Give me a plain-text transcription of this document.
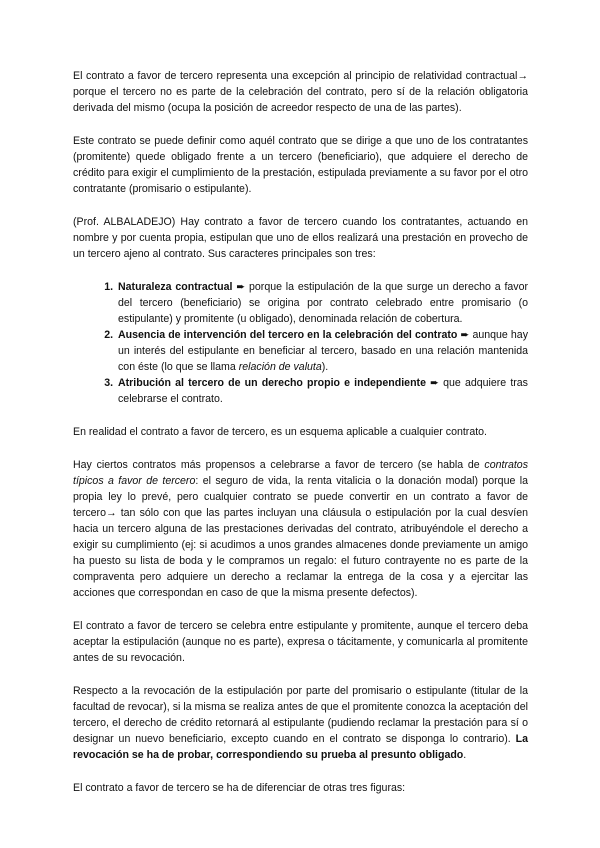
El contrato a favor de tercero representa una excepción al principio de relatividad contractual→ porque el tercero no es parte de la celebración del contrato, pero sí de la relación obligatoria derivada del mismo (ocupa la posición de acreedor respecto de una de las partes).

Este contrato se puede definir como aquél contrato que se dirige a que uno de los contratantes (promitente) quede obligado frente a un tercero (beneficiario), que adquiere el derecho de crédito para exigir el cumplimiento de la prestación, estipulada previamente a su favor por el otro contratante (promisario o estipulante).

(Prof. ALBALADEJO) Hay contrato a favor de tercero cuando los contratantes, actuando en nombre y por cuenta propia, estipulan que uno de ellos realizará una prestación en provecho de un tercero ajeno al contrato. Sus caracteres principales son tres:

1. Naturaleza contractual ➨ porque la estipulación de la que surge un derecho a favor del tercero (beneficiario) se origina por contrato celebrado entre promisario (o estipulante) y promitente (u obligado), denominada relación de cobertura.
2. Ausencia de intervención del tercero en la celebración del contrato ➨ aunque hay un interés del estipulante en beneficiar al tercero, basado en una relación mantenida con éste (lo que se llama relación de valuta).
3. Atribución al tercero de un derecho propio e independiente ➨ que adquiere tras celebrarse el contrato.

En realidad el contrato a favor de tercero, es un esquema aplicable a cualquier contrato.

Hay ciertos contratos más propensos a celebrarse a favor de tercero (se habla de contratos típicos a favor de tercero: el seguro de vida, la renta vitalicia o la donación modal) porque la propia ley lo prevé, pero cualquier contrato se puede convertir en un contrato a favor de tercero→ tan sólo con que las partes incluyan una cláusula o estipulación por la cual desvíen hacia un tercero alguna de las prestaciones derivadas del contrato, atribuyéndole el derecho a exigir su cumplimiento (ej: si acudimos a unos grandes almacenes donde previamente un amigo ha puesto su lista de boda y le compramos un regalo: el futuro contrayente no es parte de la compraventa pero adquiere un derecho a reclamar la entrega de la cosa y a ejercitar las acciones que correspondan en caso de que la misma presente defectos).

El contrato a favor de tercero se celebra entre estipulante y promitente, aunque el tercero deba aceptar la estipulación (aunque no es parte), expresa o tácitamente, y comunicarla al promitente antes de su revocación.

Respecto a la revocación de la estipulación por parte del promisario o estipulante (titular de la facultad de revocar), si la misma se realiza antes de que el promitente conozca la aceptación del tercero, el derecho de crédito retornará al estipulante (pudiendo reclamar la prestación para sí o designar un nuevo beneficiario, excepto cuando en el contrato se disponga lo contrario). La revocación se ha de probar, correspondiendo su prueba al presunto obligado.

El contrato a favor de tercero se ha de diferenciar de otras tres figuras:
